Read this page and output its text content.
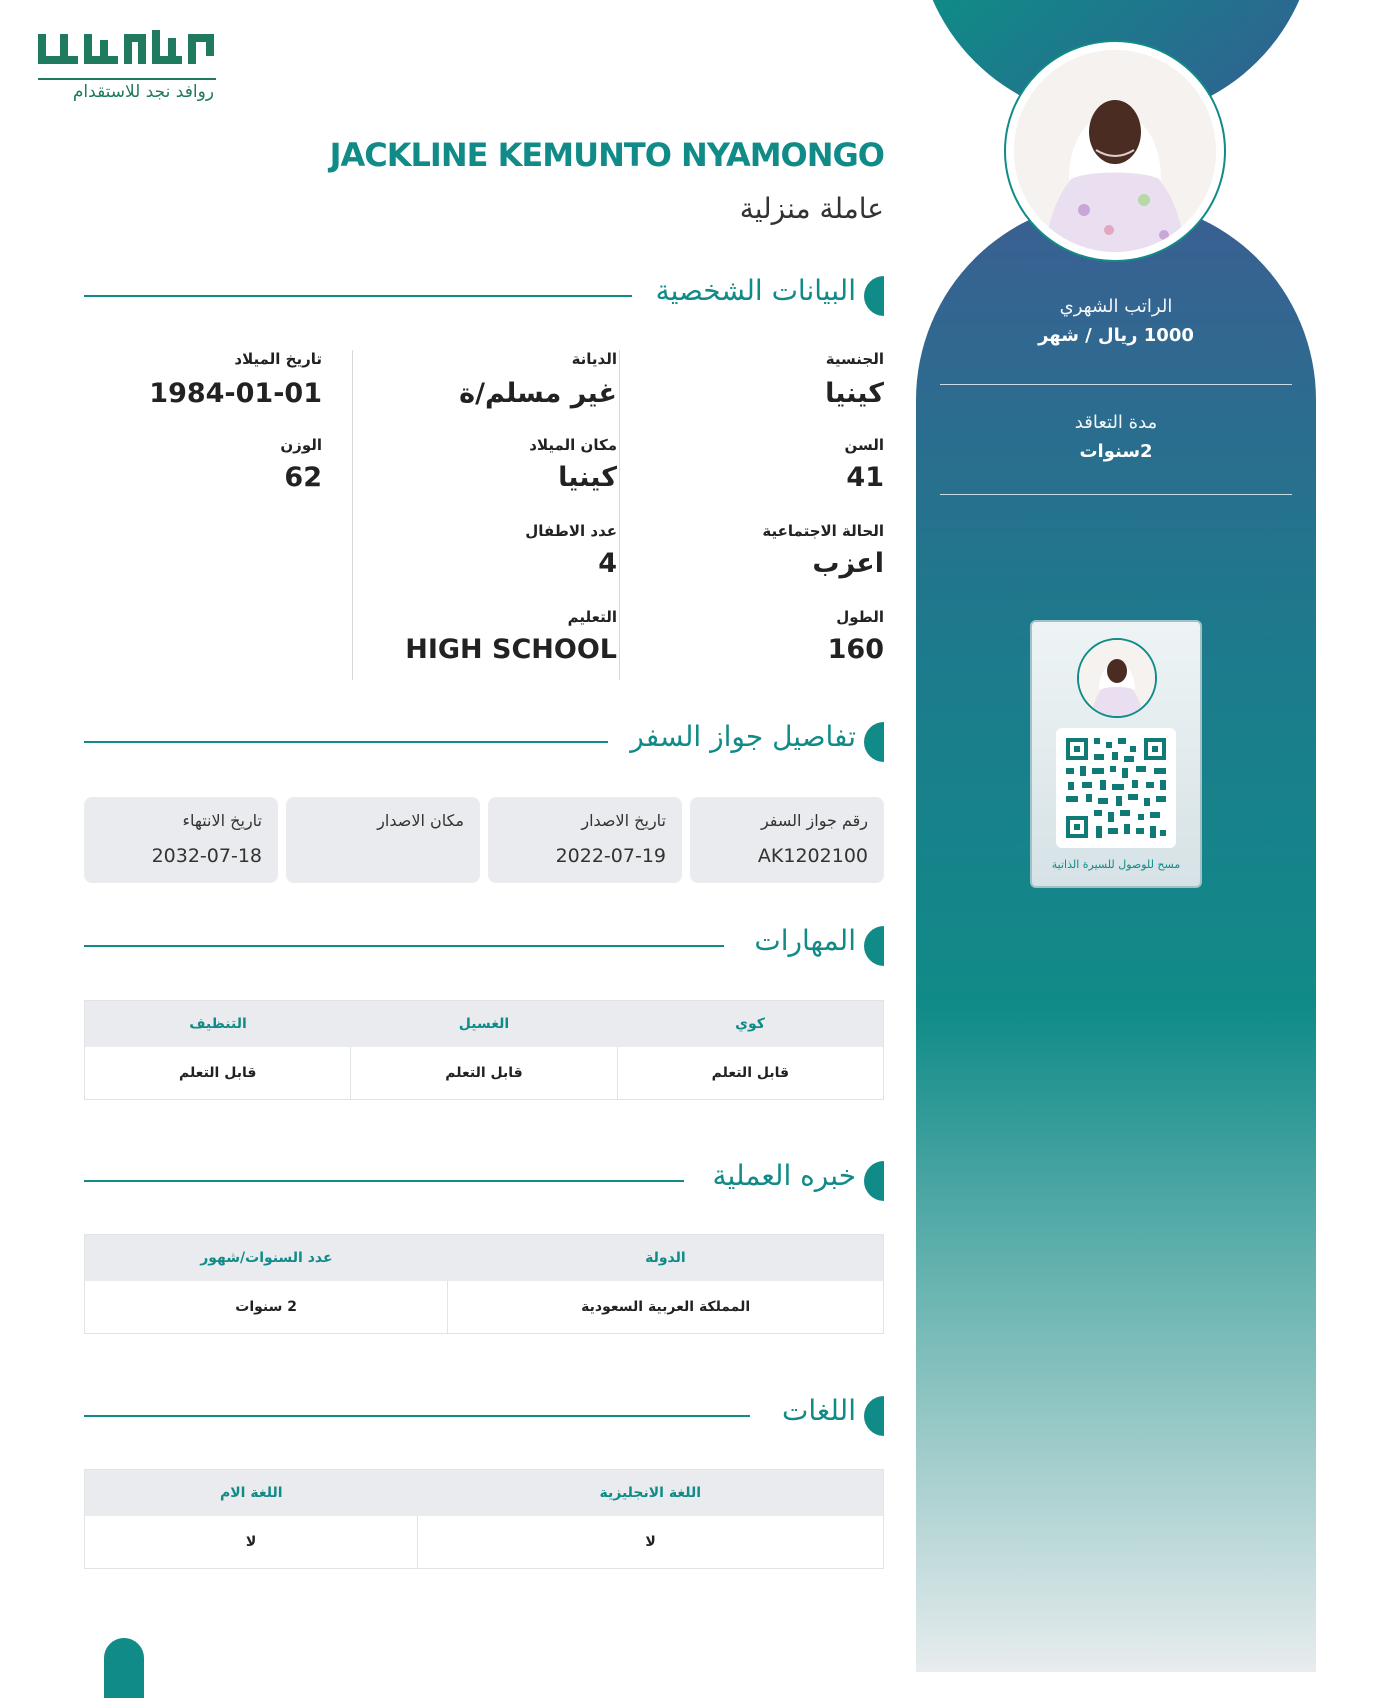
روافد نجد للاستقدام
الراتب الشهري
1000 ريال / شهر
مدة التعاقد
2سنوات
مسح للوصول للسيرة الذاتية
JACKLINE KEMUNTO NYAMONGO
عاملة منزلية
البيانات الشخصية
الجنسية
كينيا
السن
41
الحالة الاجتماعية
اعزب
الطول
160
الديانة
غير مسلم/ة
مكان الميلاد
كينيا
عدد الاطفال
4
التعليم
HIGH SCHOOL
تاريخ الميلاد
1984-01-01
الوزن
62
تفاصيل جواز السفر
رقم جواز السفر
AK1202100
تاريخ الاصدار
2022-07-19
مكان الاصدار
تاريخ الانتهاء
2032-07-18
المهارات
كوي
الغسيل
التنظيف
قابل التعلم
قابل التعلم
قابل التعلم
خبره العملية
الدولة
عدد السنوات/شهور
المملكة العربية السعودية
2 سنوات
اللغات
اللغة الانجليزية
اللغة الام
لا
لا
